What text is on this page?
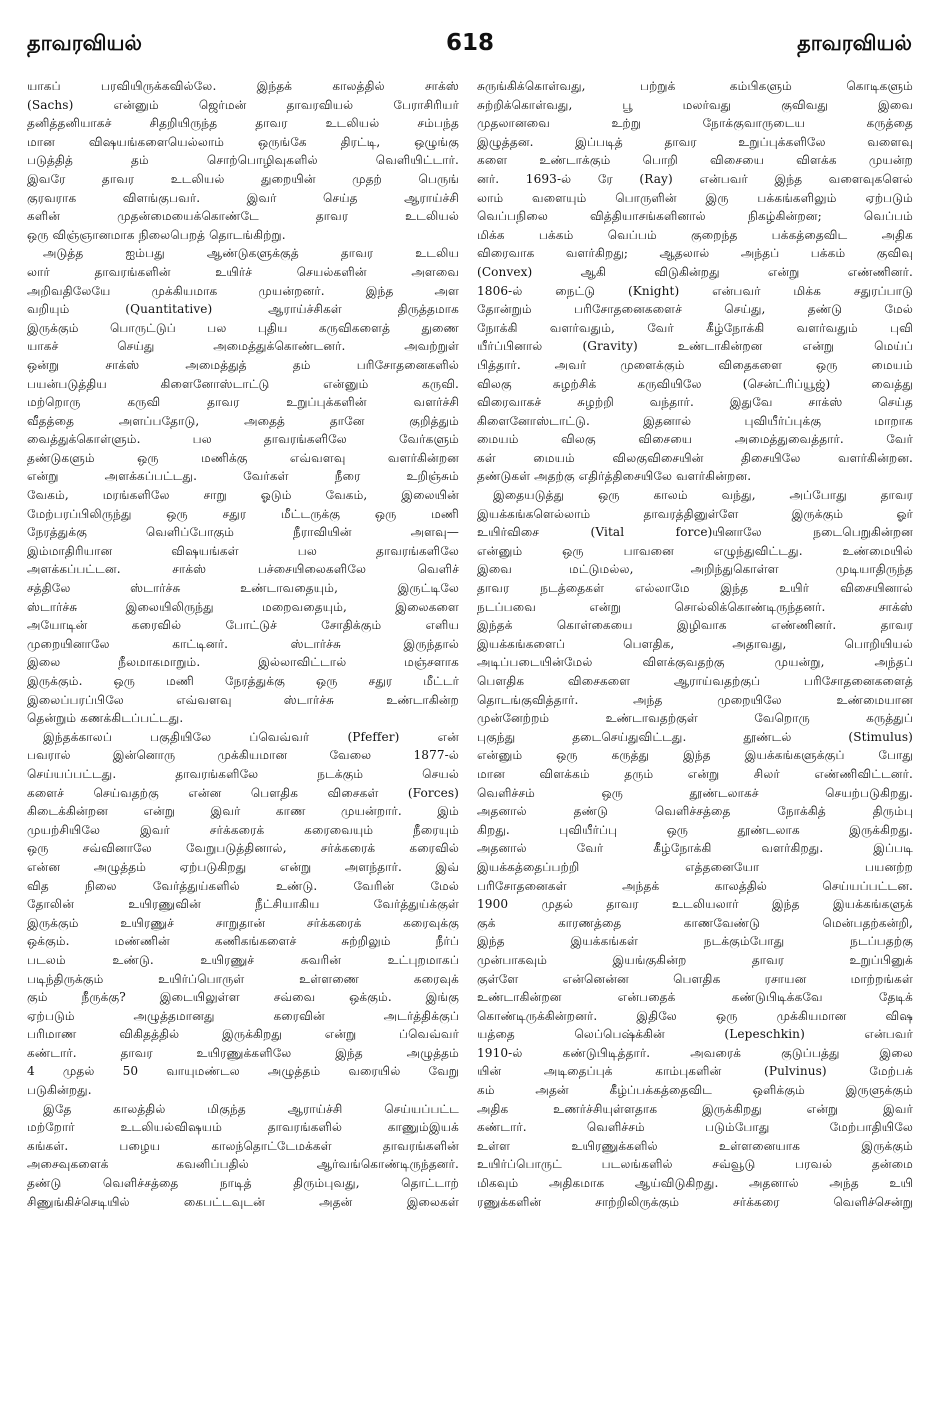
தாவரவியல்	618	தாவரவியல்
யாகப் பரவியிருக்கவில்லே. இந்தக் காலத்தில் சாக்ஸ்
(Sachs) என்னும் ஜெர்மன் தாவரவியல் பேராசிரியர்
தனித்தனியாகச் சிதறியிருந்த தாவர உடலியல் சம்பந்த
மான விஷயங்களையெல்லாம் ஒருங்கே திரட்டி, ஒழுங்கு
படுத்தித் தம் சொற்பொழிவுகளில் வெளியிட்டார்.
இவரே தாவர உடலியல் துறையின் முதற் பெருங்
குரவராக விளங்குபவர். இவர் செய்த ஆராய்ச்சி
களின் முதன்மையைக்கொண்டே தாவர உடலியல்
ஒரு விஞ்ஞானமாக நிலைபெறத் தொடங்கிற்று.
அடுத்த ஐம்பது ஆண்டுகளுக்குத் தாவர உடலிய
லார் தாவரங்களின் உயிர்ச் செயல்களின் அளவை
அறிவதிலேயே முக்கியமாக முயன்றனர். இந்த அள
வறியும் (Quantitative) ஆராய்ச்சிகள் திருத்தமாக
இருக்கும் பொருட்டுப் பல புதிய கருவிகளைத் துணை
யாகச் செய்து அமைத்துக்கொண்டனர். அவற்றுள்
ஒன்று சாக்ஸ் அமைத்துத் தம் பரிசோதனைகளில்
பயன்படுத்திய கிளைனோஸ்டாட்டு என்னும் கருவி.
மற்றொரு கருவி தாவர உறுப்புக்களின் வளர்ச்சி
வீதத்தை அளப்பதோடு, அதைத் தானே குறித்தும்
வைத்துக்கொள்ளும். பல தாவரங்களிலே வேர்களும்
தண்டுகளும் ஒரு மணிக்கு எவ்வளவு வளர்கின்றன
என்று அளக்கப்பட்டது. வேர்கள் நீரை உறிஞ்சும்
வேகம், மரங்களிலே சாறு ஓடும் வேகம், இலையின்
மேற்பரப்பிலிருந்து ஒரு சதுர மீட்டருக்கு ஒரு மணி
நேரத்துக்கு வெளிப்போகும் நீராவியின் அளவு—
இம்மாதிரியான விஷயங்கள் பல தாவரங்களிலே
அளக்கப்பட்டன. சாக்ஸ் பச்சையிலைகளிலே வெளிச்
சத்திலே ஸ்டார்ச்சு உண்டாவதையும், இருட்டிலே
ஸ்டார்ச்சு இலையிலிருந்து மறைவதையும், இலைகளை
அயோடின் கரைவில் போட்டுச் சோதிக்கும் எளிய
முறையினாலே காட்டினர். ஸ்டார்ச்சு இருந்தால்
இலை நீலமாகமாறும். இல்லாவிட்டால் மஞ்சளாக
இருக்கும். ஒரு மணி நேரத்துக்கு ஒரு சதுர மீட்டர்
இலைப்பரப்பிலே எவ்வளவு ஸ்டார்ச்சு உண்டாகின்ற
தென்றும் கணக்கிடப்பட்டது.
இந்தக்காலப் பகுதியிலே ப்வெவ்வர் (Pfeffer) என்
பவரால் இன்னொரு முக்கியமான வேலை 1877-ல்
செய்யப்பட்டது. தாவரங்களிலே நடக்கும் செயல்
களைச் செய்வதற்கு என்ன பௌதிக விசைகள் (Forces)
கிடைக்கின்றன என்று இவர் காண முயன்றார். இம்
முயற்சியிலே இவர் சர்க்கரைக் கரைவையும் நீரையும்
ஒரு சவ்வினாலே வேறுபடுத்தினால், சர்க்கரைக் கரைவில்
என்ன அழுத்தம் ஏற்படுகிறது என்று அளந்தார். இவ்
வித நிலை வேர்த்துய்களில் உண்டு. வேரின் மேல்
தோலின் உயிரணுவின் நீட்சியாகிய வேர்த்துய்க்குள்
இருக்கும் உயிரணுச் சாறுதான் சர்க்கரைக் கரைவுக்கு
ஒக்கும். மண்ணின் கணிகங்களைச் சுற்றிலும் நீர்ப்
படலம் உண்டு. உயிரணுச் சுவரின் உட்புறமாகப்
படிந்திருக்கும் உயிர்ப்பொருள் உள்ளணை கரைவுக்
கும் நீருக்கு? இடையிலுள்ள சவ்வை ஒக்கும். இங்கு
ஏற்படும் அழுத்தமானது கரைவின் அடர்த்திக்குப்
பரிமாண விகிதத்தில் இருக்கிறது என்று ப்வெவ்வர்
கண்டார். தாவர உயிரணுக்களிலே இந்த அழுத்தம்
4 முதல் 50 வாயுமண்டல அழுத்தம் வரையில் வேறு
படுகின்றது.
இதே காலத்தில் மிகுந்த ஆராய்ச்சி செய்யப்பட்ட
மற்றோர் உடலியல்விஷயம் தாவரங்களில் காணும்இயக்
கங்கள். பழைய காலந்தொட்டேமக்கள் தாவரங்களின்
அசைவுகளைக் கவனிப்பதில் ஆர்வங்கொண்டிருந்தனர்.
தண்டு வெளிச்சத்தை நாடித் திரும்புவது, தொட்டாற்
சிணுங்கிச்செடியில் கைபட்டவுடன் அதன் இலைகள்
சுருங்கிக்கொள்வது, பற்றுக் கம்பிகளும் கொடிகளும்
சுற்றிக்கொள்வது, பூ மலர்வது குவிவது இவை
முதலானவை உற்று நோக்குவாருடைய கருத்தை
இழுத்தன. இப்படித் தாவர உறுப்புக்களிலே வளைவு
களை உண்டாக்கும் பொறி விசையை விளக்க முயன்ற
னர். 1693-ல் ரே (Ray) என்பவர் இந்த வளைவுகளெல்
லாம் வளையும் பொருளின் இரு பக்கங்களிலும் ஏற்படும்
வெப்பநிலை வித்தியாசங்களினால் நிகழ்கின்றன; வெப்பம்
மிக்க பக்கம் வெப்பம் குறைந்த பக்கத்தைவிட அதிக
விரைவாக வளர்கிறது; ஆதலால் அந்தப் பக்கம் குவிவு
(Convex) ஆகி விடுகின்றது என்று எண்ணினர்.
1806-ல் நைட்டு (Knight) என்பவர் மிக்க சதுரப்பாடு
தோன்றும் பரிசோதனைகளைச் செய்து, தண்டு மேல்
நோக்கி வளர்வதும், வேர் கீழ்நோக்கி வளர்வதும் புவி
யீர்ப்பினால் (Gravity) உண்டாகின்றன என்று மெய்ப்
பித்தார். அவர் முளைக்கும் விதைகளை ஒரு மையம்
விலகு சுழற்சிக் கருவியிலே (சென்ட்ரிப்யூஜ்) வைத்து
விரைவாகச் சுழற்றி வந்தார். இதுவே சாக்ஸ் செய்த
கிளைனோஸ்டாட்டு. இதனால் புவியீர்ப்புக்கு மாறாக
மையம் விலகு விசையை அமைத்துவைத்தார். வேர்
கள் மையம் விலகுவிசையின் திசையிலே வளர்கின்றன.
தண்டுகள் அதற்கு எதிர்த்திசையிலே வளர்கின்றன.
இதையடுத்து ஒரு காலம் வந்து, அப்போது தாவர
இயக்கங்களெல்லாம் தாவரத்தினுள்ளே இருக்கும் ஓர்
உயிர்விசை (Vital force)யினாலே நடைபெறுகின்றன
என்னும் ஒரு பாவனை எழுந்துவிட்டது. உண்மையில்
இவை மட்டுமல்ல, அறிந்துகொள்ள முடியாதிருந்த
தாவர நடத்தைகள் எல்லாமே இந்த உயிர் விசையினால்
நடப்பவை என்று சொல்லிக்கொண்டிருந்தனர். சாக்ஸ்
இந்தக் கொள்கையை இழிவாக எண்ணினர். தாவர
இயக்கங்களைப் பௌதிக, அதாவது, பொறியியல்
அடிப்படையின்மேல் விளக்குவதற்கு முயன்று, அந்தப்
பௌதிக விசைகளை ஆராய்வதற்குப் பரிசோதனைகளைத்
தொடங்குவித்தார். அந்த முறையிலே உண்மையான
முன்னேற்றம் உண்டாவதற்குள் வேறொரு கருத்துப்
புகுந்து தடைசெய்துவிட்டது. தூண்டல் (Stimulus)
என்னும் ஒரு கருத்து இந்த இயக்கங்களுக்குப் போது
மான விளக்கம் தரும் என்று சிலர் எண்ணிவிட்டனர்.
வெளிச்சம் ஒரு தூண்டலாகச் செயற்படுகிறது.
அதனால் தண்டு வெளிச்சத்தை நோக்கித் திரும்பு
கிறது. புவியீர்ப்பு ஒரு தூண்டலாக இருக்கிறது.
அதனால் வேர் கீழ்நோக்கி வளர்கிறது. இப்படி
இயக்கத்தைப்பற்றி எத்தனையோ பயனற்ற
பரிசோதனைகள் அந்தக் காலத்தில் செய்யப்பட்டன.
1900 முதல் தாவர உடலியலார் இந்த இயக்கங்களுக்
குக் காரணத்தை காணவேண்டு மென்பதற்கன்றி,
இந்த இயக்கங்கள் நடக்கும்போது நடப்பதற்கு
முன்பாகவும் இயங்குகின்ற தாவர உறுப்பினுக்
குள்ளே என்னென்ன பௌதிக ரசாயன மாற்றங்கள்
உண்டாகின்றன என்பதைக் கண்டுபிடிக்கவே தேடிக்
கொண்டிருக்கின்றனர். இதிலே ஒரு முக்கியமான விஷ
யத்தை லெப்பெஷ்க்கின் (Lepeschkin) என்பவர்
1910-ல் கண்டுபிடித்தார். அவரைக் குடுப்பத்து இலை
யின் அடிதைப்புக் காம்புகளின் (Pulvinus) மேற்பக்
கம் அதன் கீழ்ப்பக்கத்தைவிட ஒளிக்கும் இருளுக்கும்
அதிக உணர்ச்சியுள்ளதாக இருக்கிறது என்று இவர்
கண்டார். வெளிச்சம் படும்போது மேற்பாதியிலே
உள்ள உயிரணுக்களில் உள்ளனையாக இருக்கும்
உயிர்ப்பொருட் படலங்களில் சவ்வூடு பரவல் தன்மை
மிகவும் அதிகமாக ஆய்விடுகிறது. அதனால் அந்த உயி
ரணுக்களின் சாற்றிலிருக்கும் சர்க்கரை வெளிச்சென்று
